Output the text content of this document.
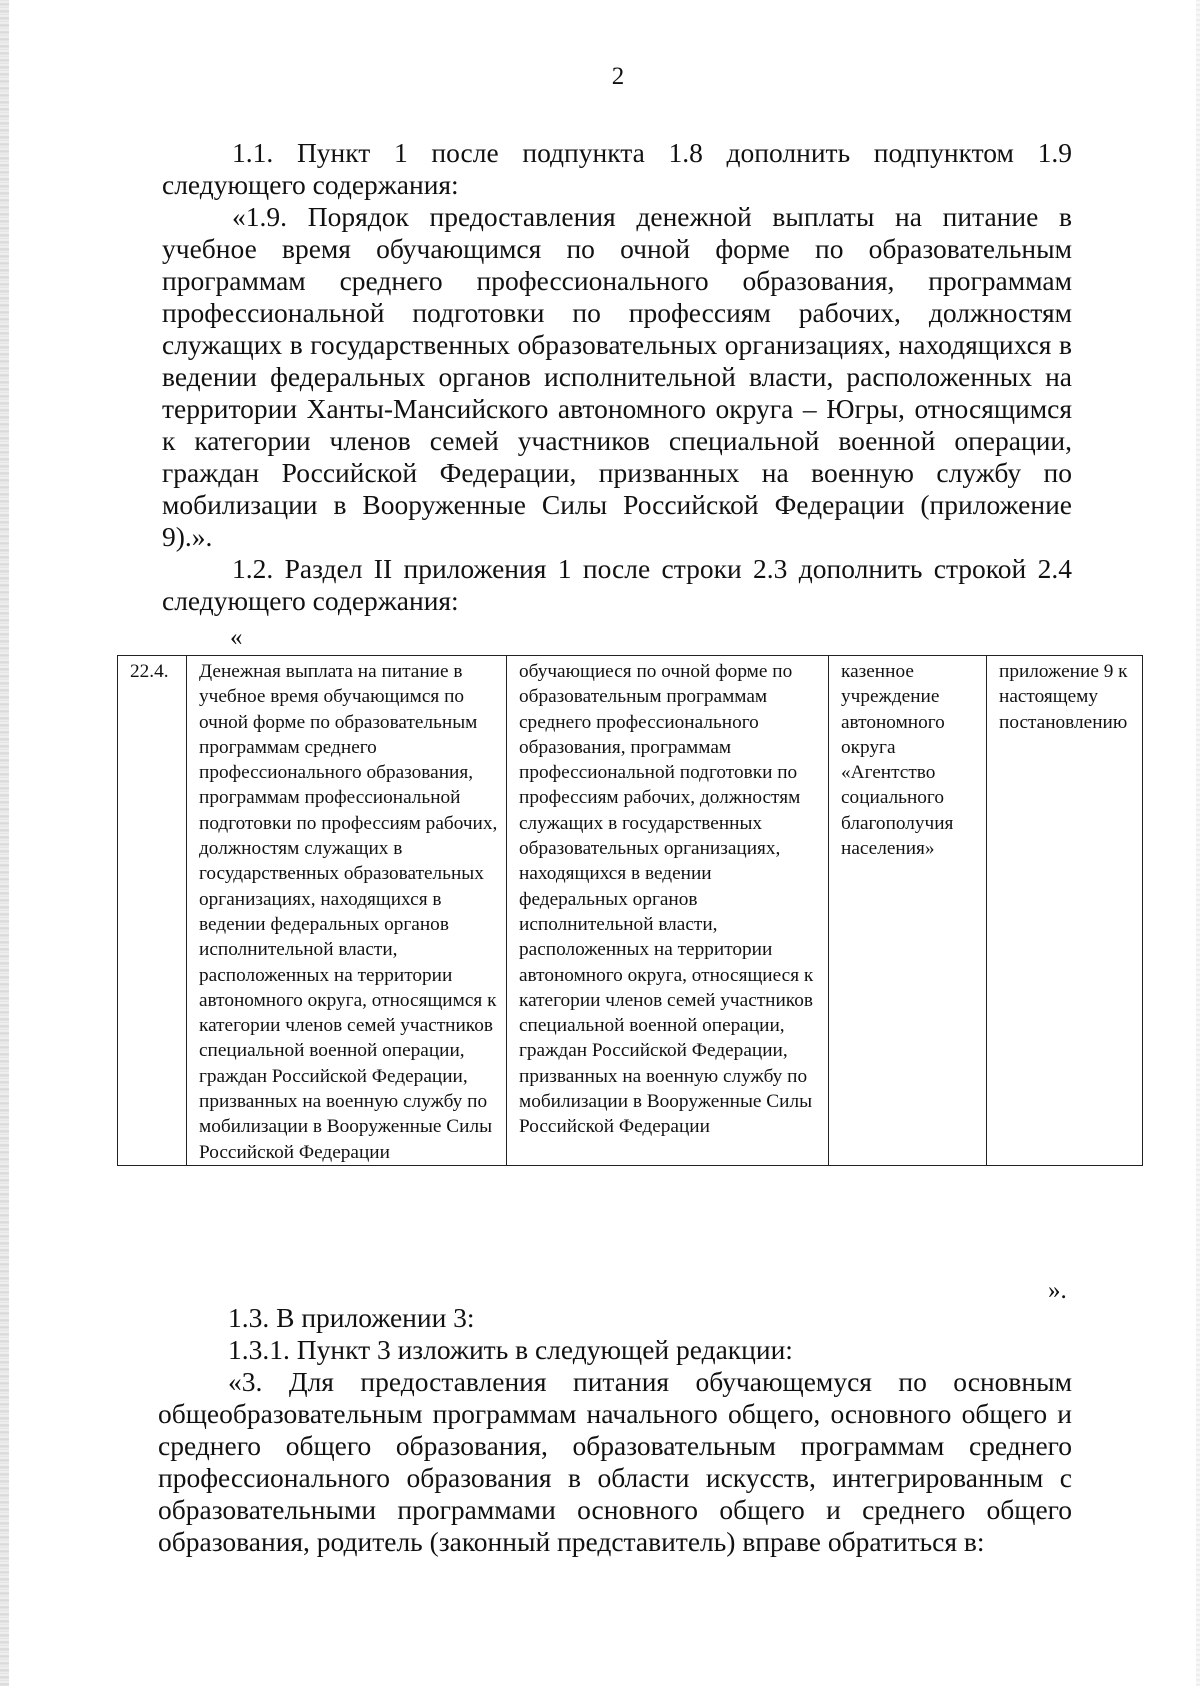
2

1.1. Пункт 1 после подпункта 1.8 дополнить подпунктом 1.9 следующего содержания:

«1.9. Порядок предоставления денежной выплаты на питание в учебное время обучающимся по очной форме по образовательным программам среднего профессионального образования, программам профессиональной подготовки по профессиям рабочих, должностям служащих в государственных образовательных организациях, находящихся в ведении федеральных органов исполнительной власти, расположенных на территории Ханты-Мансийского автономного округа – Югры, относящимся к категории членов семей участников специальной военной операции, граждан Российской Федерации, призванных на военную службу по мобилизации в Вооруженные Силы Российской Федерации (приложение 9).».

1.2. Раздел II приложения 1 после строки 2.3 дополнить строкой 2.4 следующего содержания:

«
22.4.	Денежная выплата на питание в учебное время обучающимся по очной форме по образовательным программам среднего профессионального образования, программам профессиональной подготовки по профессиям рабочих, должностям служащих в государственных образовательных организациях, находящихся в ведении федеральных органов исполнительной власти, расположенных на территории автономного округа, относящимся к категории членов семей участников специальной военной операции, граждан Российской Федерации, призванных на военную службу по мобилизации в Вооруженные Силы Российской Федерации	обучающиеся по очной форме по образовательным программам среднего профессионального образования, программам профессиональной подготовки по профессиям рабочих, должностям служащих в государственных образовательных организациях, находящихся в ведении федеральных органов исполнительной власти, расположенных на территории автономного округа, относящиеся к категории членов семей участников специальной военной операции, граждан Российской Федерации, призванных на военную службу по мобилизации в Вооруженные Силы Российской Федерации	казенное учреждение автономного округа «Агентство социального благополучия населения»	приложение 9 к настоящему постановлению
».

1.3. В приложении 3:

1.3.1. Пункт 3 изложить в следующей редакции:

«3. Для предоставления питания обучающемуся по основным общеобразовательным программам начального общего, основного общего и среднего общего образования, образовательным программам среднего профессионального образования в области искусств, интегрированным с образовательными программами основного общего и среднего общего образования, родитель (законный представитель) вправе обратиться в:
